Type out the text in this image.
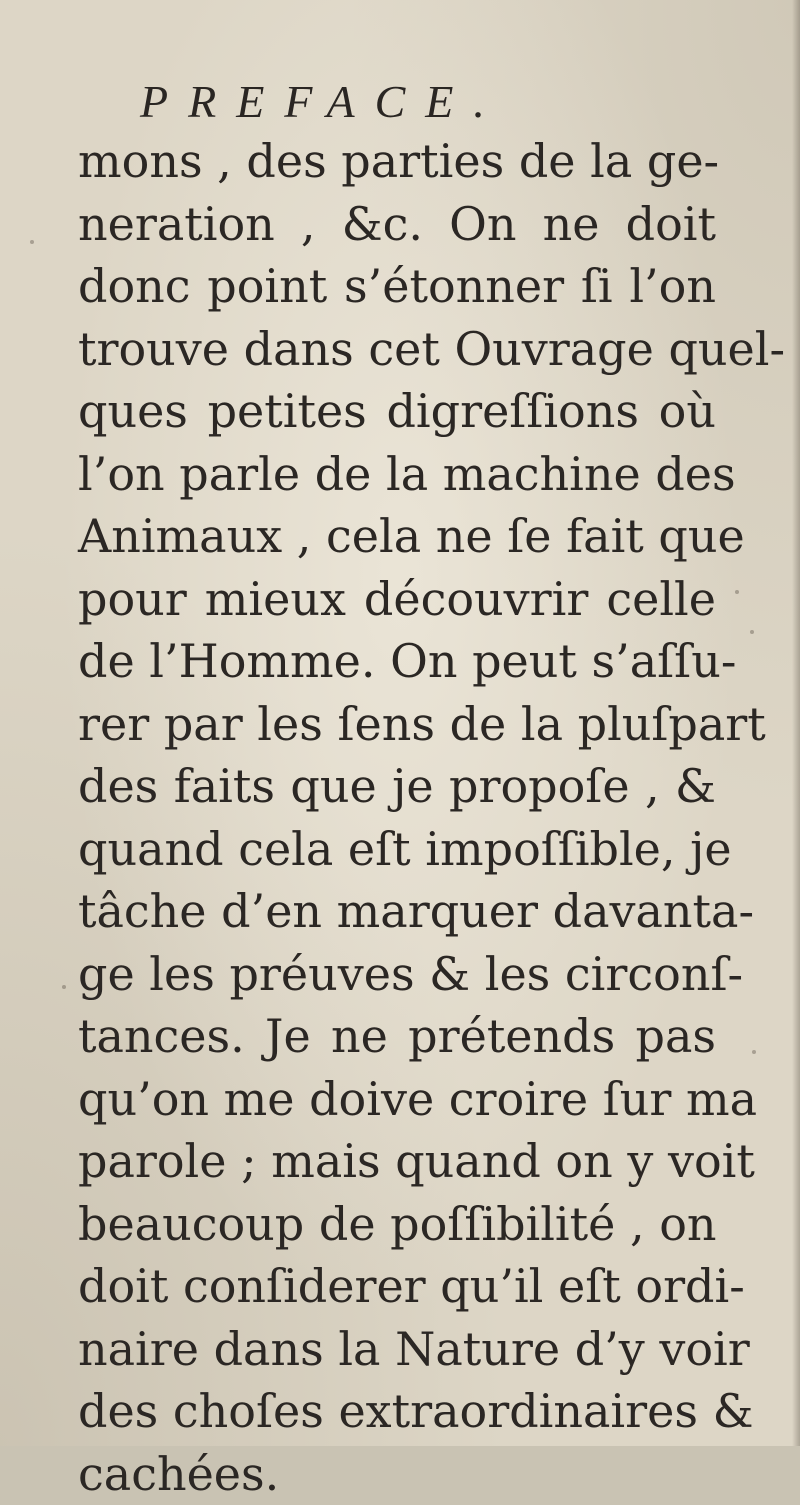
PREFACE.
mons , des parties de la ge-
neration , &c. On ne doit
donc point s’étonner ſi l’on
trouve dans cet Ouvrage quel-
ques petites digreſſions où
l’on parle de la machine des
Animaux , cela ne ſe fait que
pour mieux découvrir celle
de l’Homme. On peut s’aſſu-
rer par les ſens de la pluſpart
des faits que je propoſe , &
quand cela eſt impoſſible, je
tâche d’en marquer davanta-
ge les préuves & les circonſ-
tances. Je ne prétends pas
qu’on me doive croire ſur ma
parole ; mais quand on y voit
beaucoup de poſſibilité , on
doit conſiderer qu’il eſt ordi-
naire dans la Nature d’y voir
des choſes extraordinaires &
cachées.
